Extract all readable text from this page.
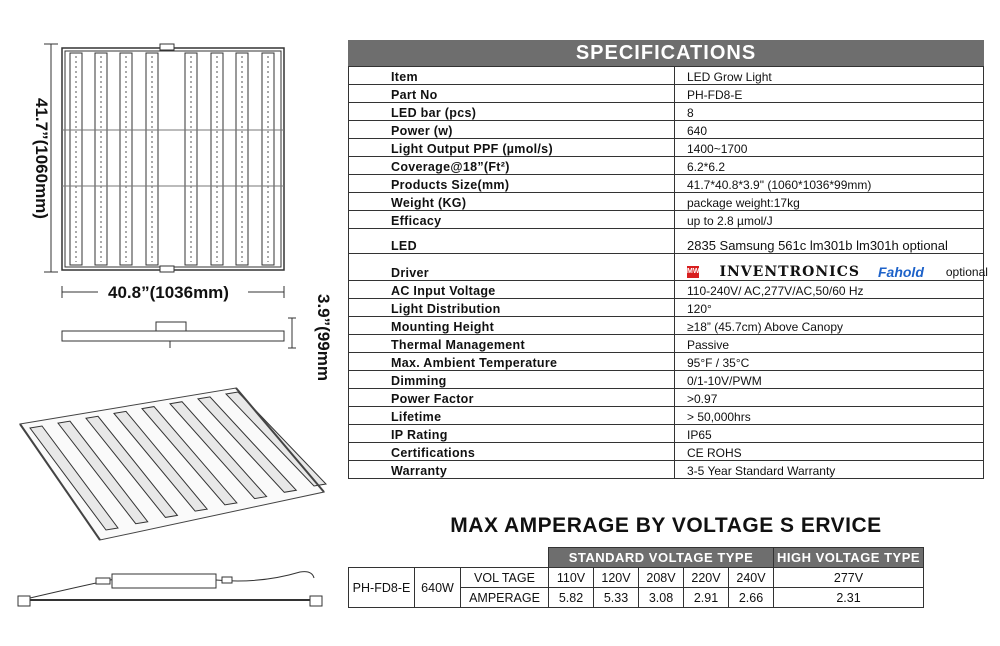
41.7”(1060mm)
40.8”(1036mm)
3.9”(99mm
SPECIFICATIONS
Item	LED Grow Light
Part No	PH-FD8-E
LED bar (pcs)	8
Power (w)	640
Light Output PPF (µmol/s)	1400~1700
Coverage@18”(Ft²)	6.2*6.2
Products Size(mm)	41.7*40.8*3.9" (1060*1036*99mm)
Weight (KG)	package weight:17kg
Efficacy	up to 2.8 µmol/J
LED	2835 Samsung 561c lm301b lm301h optional
Driver	MW INVENTRONICS Fahold optional

AC Input Voltage	110-240V/ AC,277V/AC,50/60 Hz
Light Distribution	120°
Mounting Height	≥18” (45.7cm) Above Canopy
Thermal Management	Passive
Max. Ambient Temperature	95°F / 35°C
Dimming	0/1-10V/PWM
Power Factor	>0.97
Lifetime	> 50,000hrs
IP Rating	IP65
Certifications	CE ROHS
Warranty	3-5 Year Standard Warranty
MAX AMPERAGE BY VOLTAGE S ERVICE
			STANDARD VOLTAGE TYPE					HIGH VOLTAGE TYPE
PH-FD8-E	640W	VOL TAGE	110V	120V	208V	220V	240V	277V
		AMPERAGE	5.82	5.33	3.08	2.91	2.66	2.31
